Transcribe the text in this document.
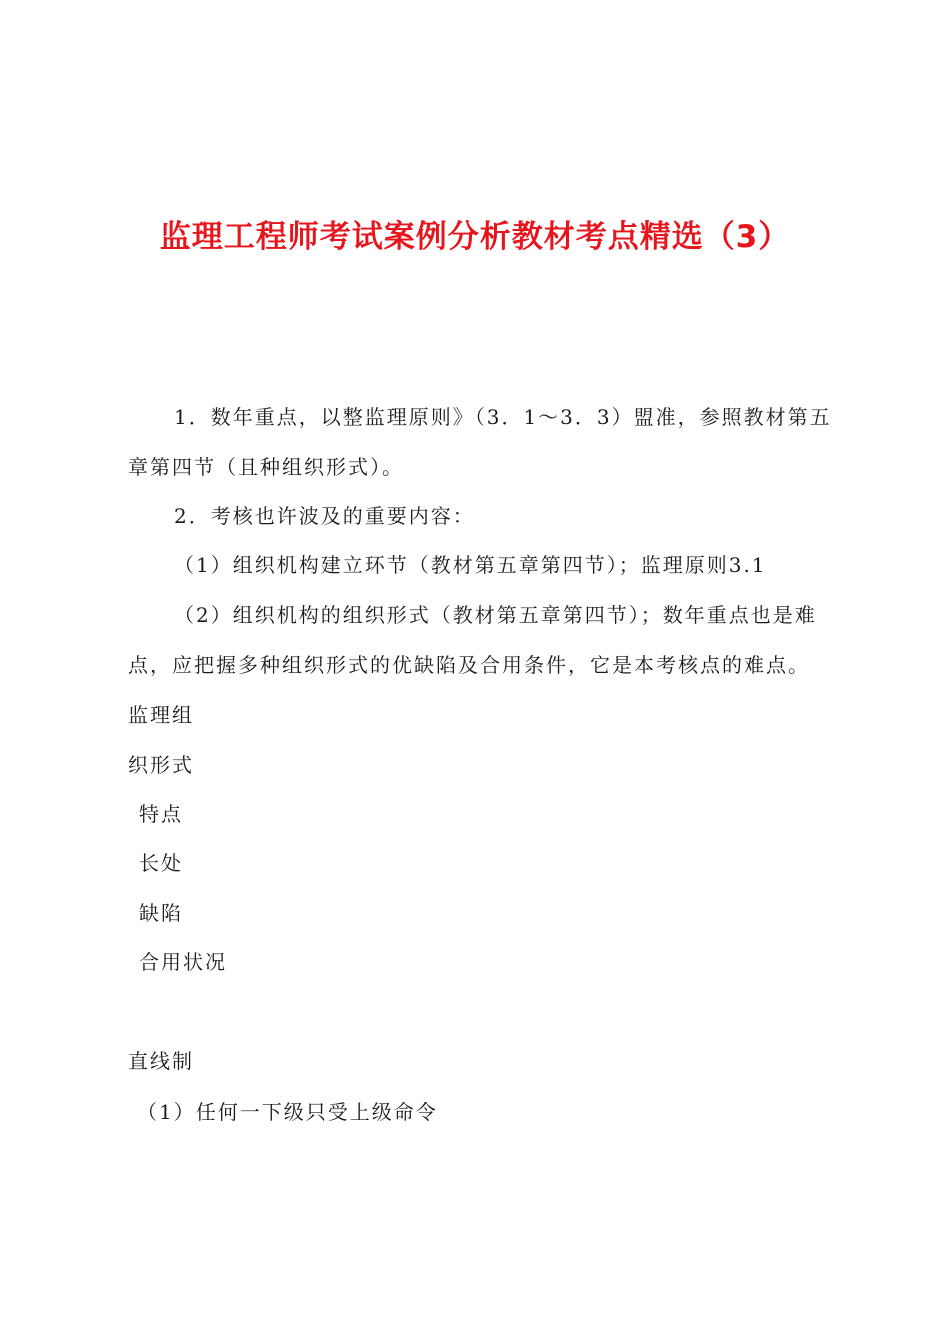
监理工程师考试案例分析教材考点精选（3）
1．数年重点，以整监理原则》（3．1～3．3）盟准，参照教材第五
章第四节（且种组织形式）。
2．考核也许波及的重要内容：
（1）组织机构建立环节（教材第五章第四节）；监理原则3.1
（2）组织机构的组织形式（教材第五章第四节）；数年重点也是难
点，应把握多种组织形式的优缺陷及合用条件，它是本考核点的难点。
监理组
织形式
特点
长处
缺陷
合用状况
直线制
（1）任何一下级只受上级命令
